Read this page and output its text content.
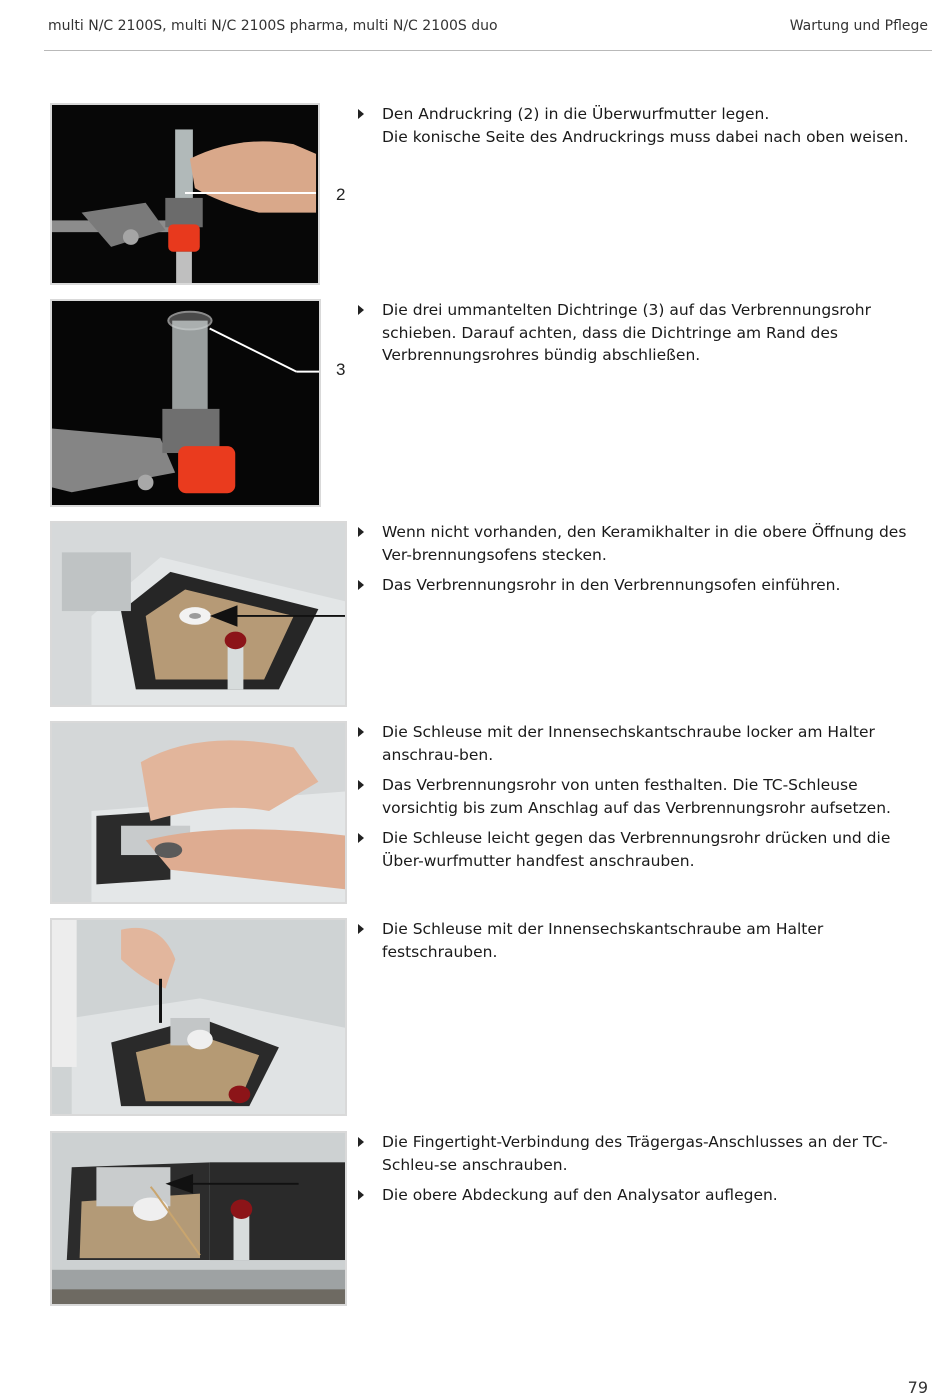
multi N/C 2100S, multi N/C 2100S pharma, multi N/C 2100S duo	Wartung und Pflege
2
Den Andruckring (2) in die Überwurfmutter legen.
Die konische Seite des Andruckrings muss dabei nach oben weisen.
3
Die drei ummantelten Dichtringe (3) auf das Verbrennungsrohr schieben. Darauf achten, dass die Dichtringe am Rand des Verbrennungsrohres bündig abschließen.
Wenn nicht vorhanden, den Keramikhalter in die obere Öffnung des Ver-brennungsofens stecken.
Das Verbrennungsrohr in den Verbrennungsofen einführen.
Die Schleuse mit der Innensechskantschraube locker am Halter anschrau-ben.
Das Verbrennungsrohr von unten festhalten. Die TC-Schleuse vorsichtig bis zum Anschlag auf das Verbrennungsrohr aufsetzen.
Die Schleuse leicht gegen das Verbrennungsrohr drücken und die Über-wurfmutter handfest anschrauben.
Die Schleuse mit der Innensechskantschraube am Halter festschrauben.
Die Fingertight-Verbindung des Trägergas-Anschlusses an der TC-Schleu-se anschrauben.
Die obere Abdeckung auf den Analysator auflegen.
79
